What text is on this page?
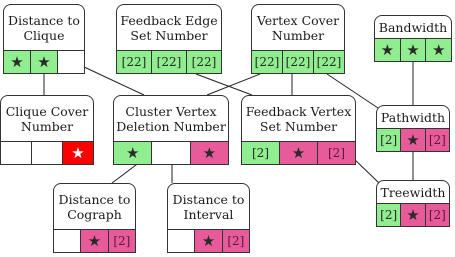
Distance to
Clique
★ ★
Feedback Edge
Set Number
[22] [22] [22]
Vertex Cover
Number
[22] [22] [22]
Bandwidth
★ ★ ★
Clique Cover
Number
★
Cluster Vertex
Deletion Number
★	★
Feedback Vertex
Set Number
[2]	★	[2]
Pathwidth
[2] ★ [2]
Treewidth
[2] ★ [2]
Distance to
Cograph
★	[2]
Distance to
Interval
★	[2]
